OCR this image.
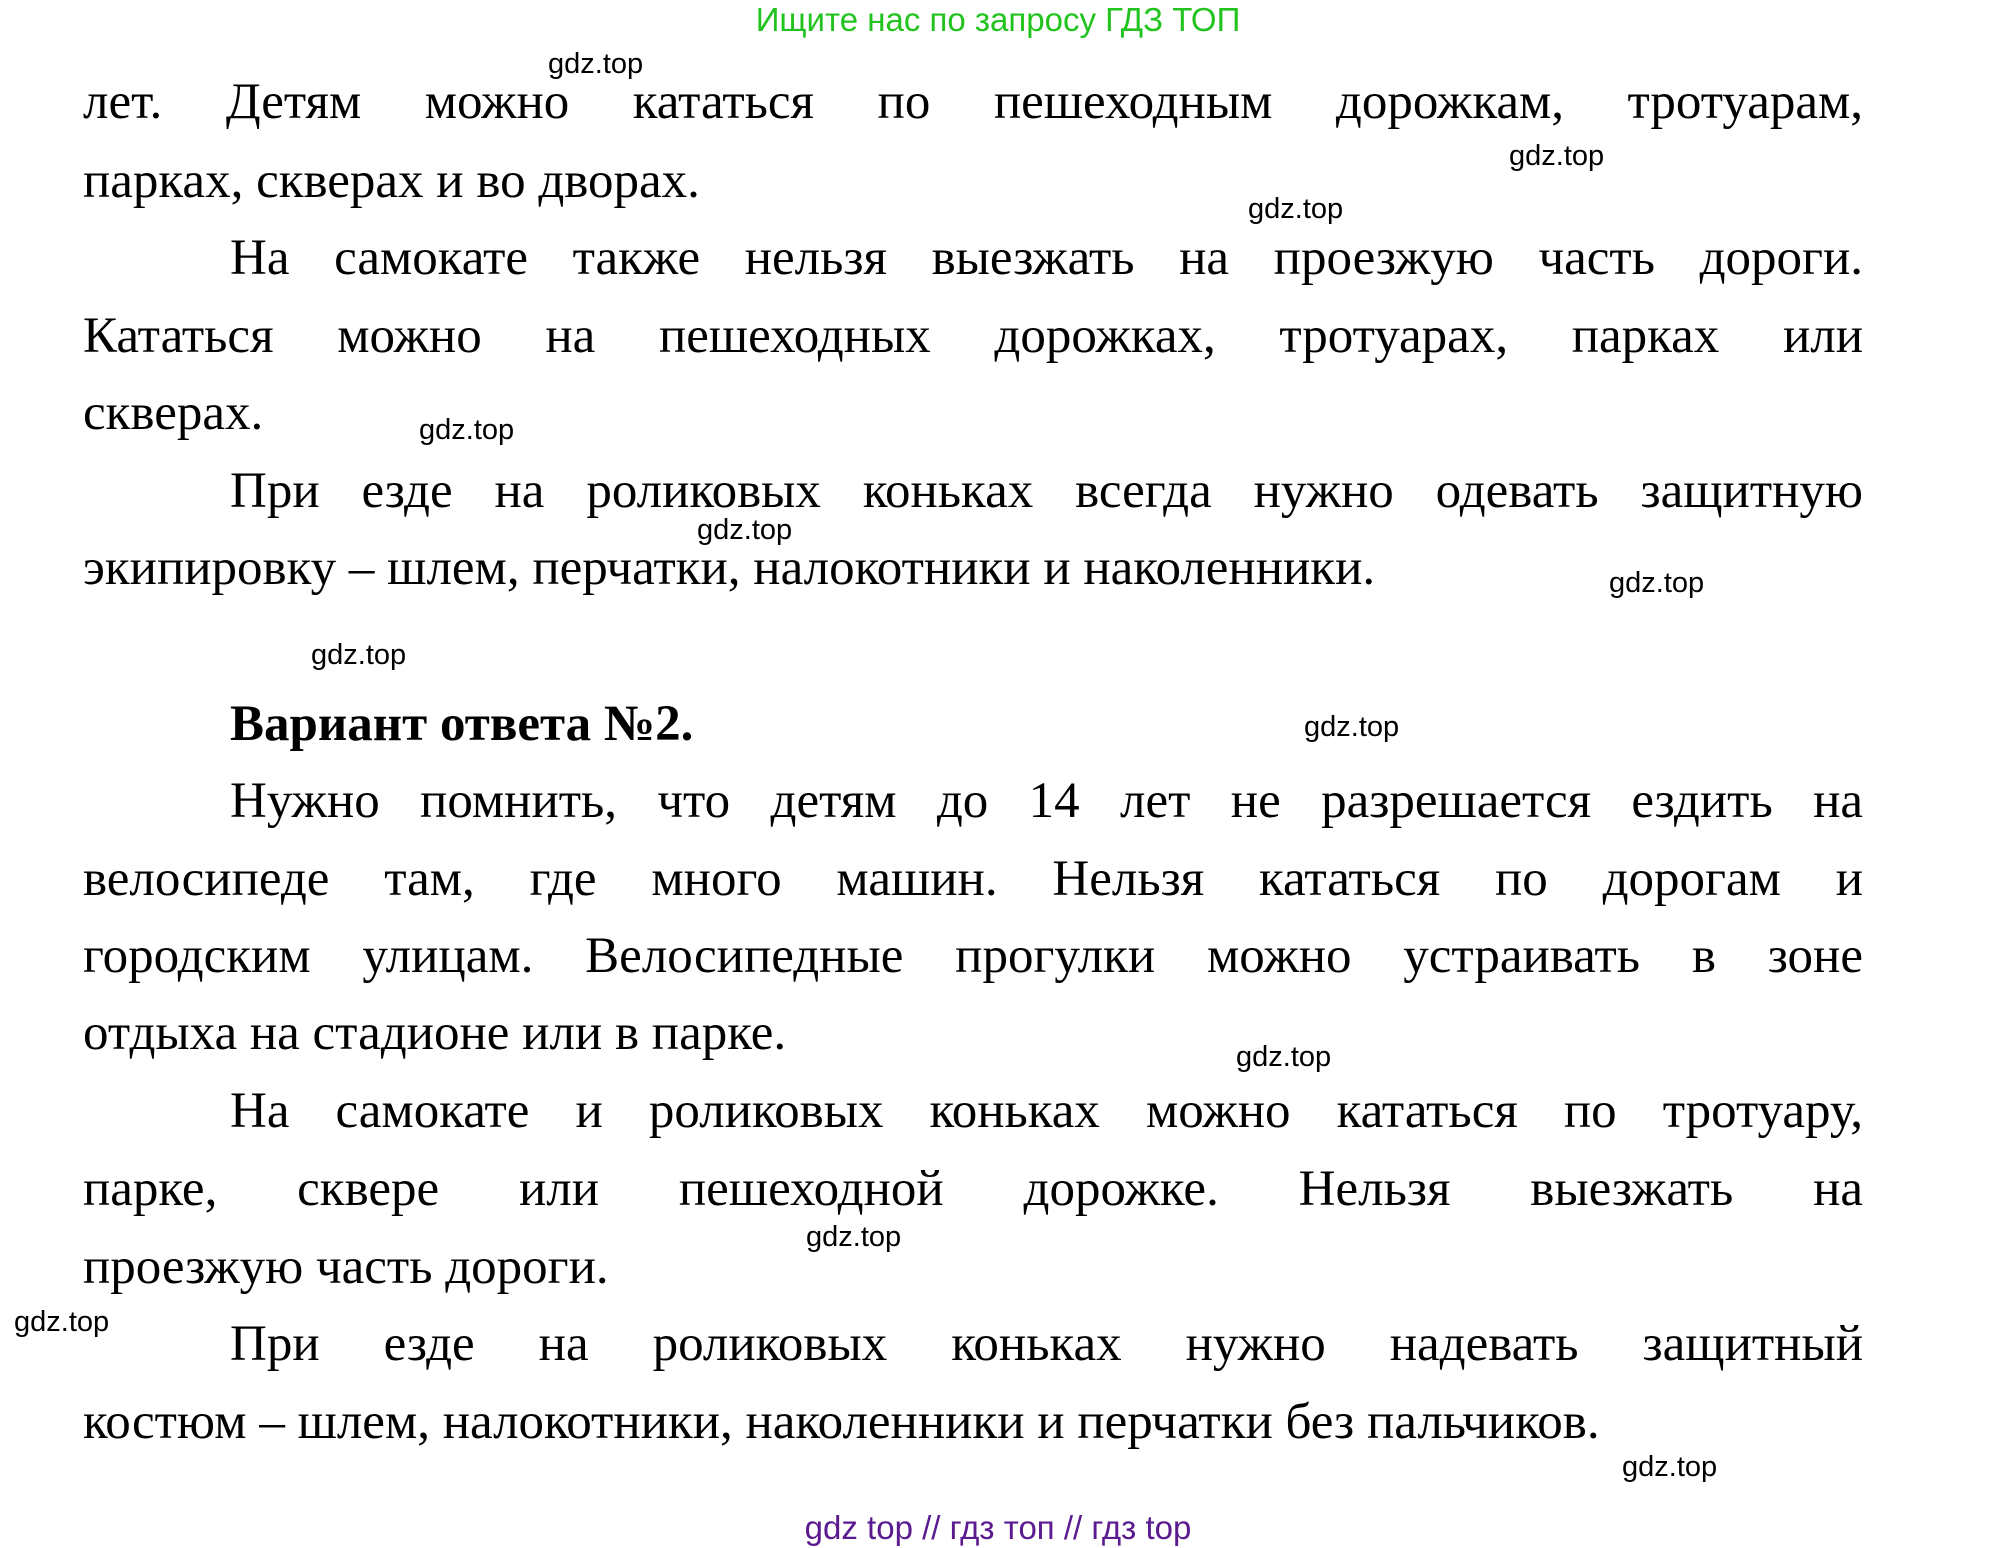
Ищите нас по запросу ГДЗ ТОП
лет. Детям можно кататься по пешеходным дорожкам, тротуарам,
парках, скверах и во дворах.
На самокате также нельзя выезжать на проезжую часть дороги.
Кататься можно на пешеходных дорожках, тротуарах, парках или
скверах.
При езде на роликовых коньках всегда нужно одевать защитную
экипировку – шлем, перчатки, налокотники и наколенники.
Вариант ответа №2.
Нужно помнить, что детям до 14 лет не разрешается ездить на
велосипеде там, где много машин. Нельзя кататься по дорогам и
городским улицам. Велосипедные прогулки можно устраивать в зоне
отдыха на стадионе или в парке.
На самокате и роликовых коньках можно кататься по тротуару,
парке, сквере или пешеходной дорожке. Нельзя выезжать на
проезжую часть дороги.
При езде на роликовых коньках нужно надевать защитный
костюм – шлем, налокотники, наколенники и перчатки без пальчиков.
gdz.top
gdz.top
gdz.top
gdz.top
gdz.top
gdz.top
gdz.top
gdz.top
gdz.top
gdz.top
gdz.top
gdz.top
gdz top // гдз топ // гдз top
